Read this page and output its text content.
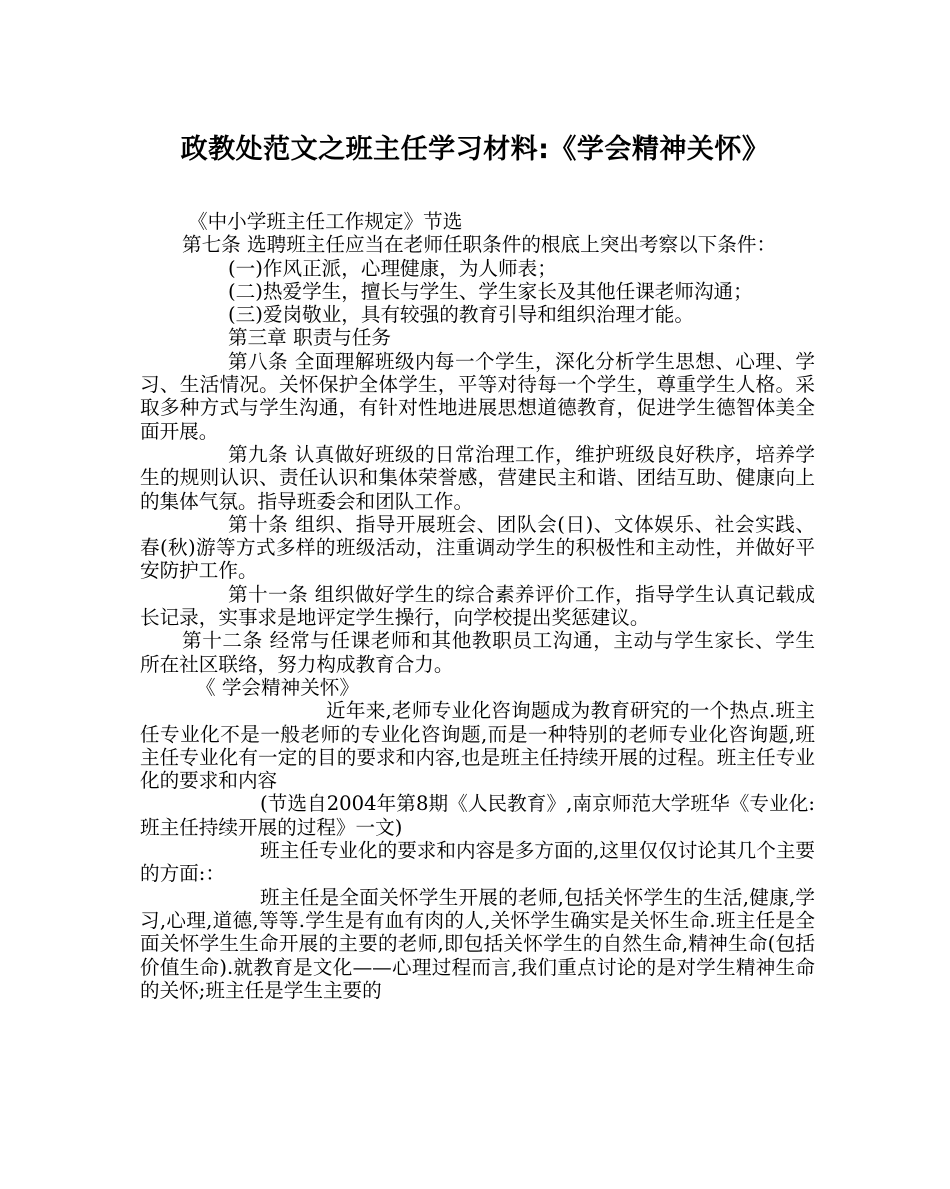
政教处范文之班主任学习材料:《学会精神关怀》

《中小学班主任工作规定》节选

第七条 选聘班主任应当在老师任职条件的根底上突出考察以下条件：

(一)作风正派，心理健康，为人师表；

(二)热爱学生，擅长与学生、学生家长及其他任课老师沟通；

(三)爱岗敬业，具有较强的教育引导和组织治理才能。

第三章 职责与任务

第八条 全面理解班级内每一个学生，深化分析学生思想、心理、学习、生活情况。关怀保护全体学生，平等对待每一个学生，尊重学生人格。采取多种方式与学生沟通，有针对性地进展思想道德教育，促进学生德智体美全面开展。

第九条 认真做好班级的日常治理工作，维护班级良好秩序，培养学生的规则认识、责任认识和集体荣誉感，营建民主和谐、团结互助、健康向上的集体气氛。指导班委会和团队工作。

第十条 组织、指导开展班会、团队会(日)、文体娱乐、社会实践、春(秋)游等方式多样的班级活动，注重调动学生的积极性和主动性，并做好平安防护工作。

第十一条 组织做好学生的综合素养评价工作，指导学生认真记载成长记录，实事求是地评定学生操行，向学校提出奖惩建议。

第十二条 经常与任课老师和其他教职员工沟通，主动与学生家长、学生所在社区联络，努力构成教育合力。

《 学会精神关怀》

近年来,老师专业化咨询题成为教育研究的一个热点.班主任专业化不是一般老师的专业化咨询题,而是一种特别的老师专业化咨询题,班主任专业化有一定的目的要求和内容,也是班主任持续开展的过程。班主任专业化的要求和内容

(节选自2004年第8期《人民教育》,南京师范大学班华《专业化:班主任持续开展的过程》一文)

班主任专业化的要求和内容是多方面的,这里仅仅讨论其几个主要的方面:：

班主任是全面关怀学生开展的老师,包括关怀学生的生活,健康,学习,心理,道德,等等.学生是有血有肉的人,关怀学生确实是关怀生命.班主任是全面关怀学生生命开展的主要的老师,即包括关怀学生的自然生命,精神生命(包括价值生命).就教育是文化——心理过程而言,我们重点讨论的是对学生精神生命的关怀;班主任是学生主要的
